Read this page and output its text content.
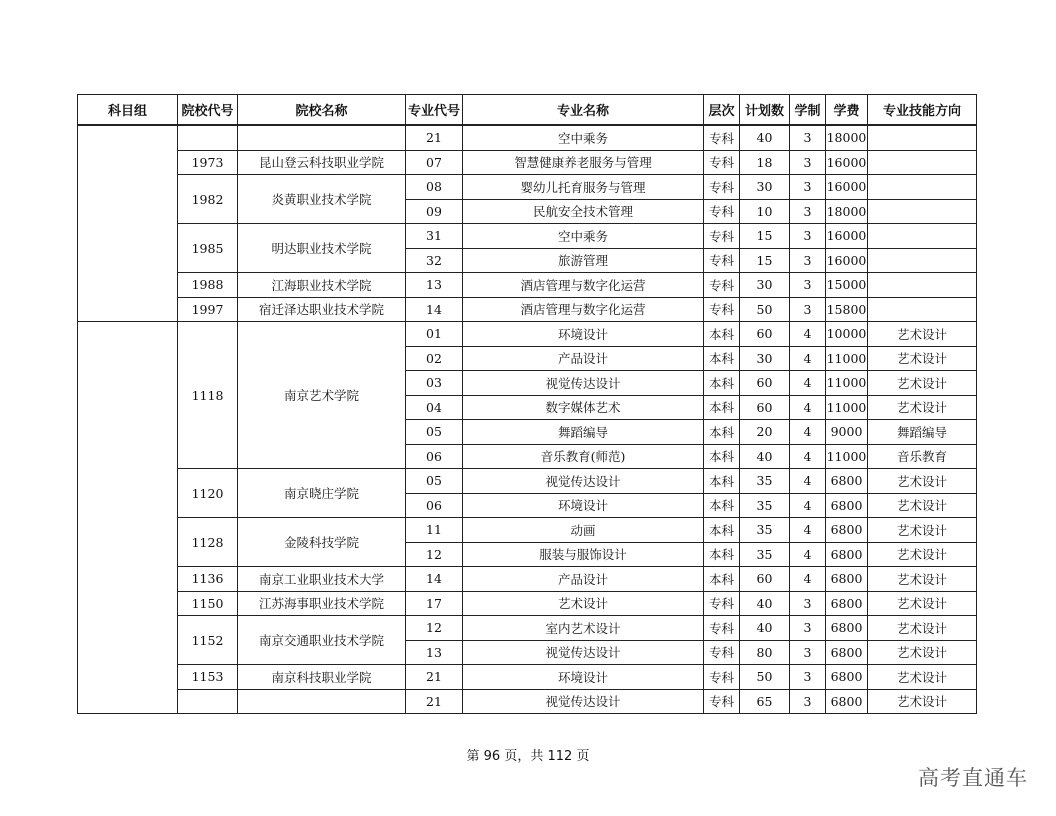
科目组	院校代号	院校名称	专业代号	专业名称	层次	计划数	学制	学费	专业技能方向
			21	空中乘务	专科	40	3	18000	
	1973	昆山登云科技职业学院	07	智慧健康养老服务与管理	专科	18	3	16000	
	1982	炎黄职业技术学院	08	婴幼儿托育服务与管理	专科	30	3	16000	
			09	民航安全技术管理	专科	10	3	18000	
	1985	明达职业技术学院	31	空中乘务	专科	15	3	16000	
			32	旅游管理	专科	15	3	16000	
	1988	江海职业技术学院	13	酒店管理与数字化运营	专科	30	3	15000	
	1997	宿迁泽达职业技术学院	14	酒店管理与数字化运营	专科	50	3	15800	
	1118	南京艺术学院	01	环境设计	本科	60	4	10000	艺术设计
			02	产品设计	本科	30	4	11000	艺术设计
			03	视觉传达设计	本科	60	4	11000	艺术设计
			04	数字媒体艺术	本科	60	4	11000	艺术设计
			05	舞蹈编导	本科	20	4	9000	舞蹈编导
			06	音乐教育(师范)	本科	40	4	11000	音乐教育
	1120	南京晓庄学院	05	视觉传达设计	本科	35	4	6800	艺术设计
			06	环境设计	本科	35	4	6800	艺术设计
	1128	金陵科技学院	11	动画	本科	35	4	6800	艺术设计
			12	服装与服饰设计	本科	35	4	6800	艺术设计
	1136	南京工业职业技术大学	14	产品设计	本科	60	4	6800	艺术设计
	1150	江苏海事职业技术学院	17	艺术设计	专科	40	3	6800	艺术设计
	1152	南京交通职业技术学院	12	室内艺术设计	专科	40	3	6800	艺术设计
			13	视觉传达设计	专科	80	3	6800	艺术设计
	1153	南京科技职业学院	21	环境设计	专科	50	3	6800	艺术设计
			21	视觉传达设计	专科	65	3	6800	艺术设计
第 96 页，共 112 页
高考直通车
